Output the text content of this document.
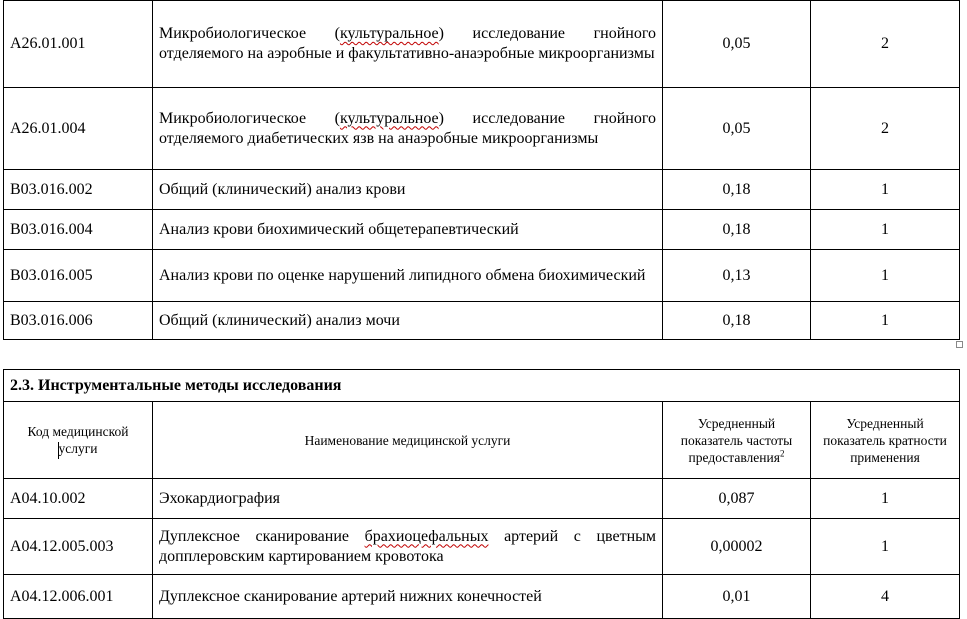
A26.01.001	Микробиологическое (культуральное) исследование гнойного отделяемого на аэробные и факультативно-анаэробные микроорганизмы	0,05	2
A26.01.004	Микробиологическое (культуральное) исследование гнойного отделяемого диабетических язв на анаэробные микроорганизмы	0,05	2
B03.016.002	Общий (клинический) анализ крови	0,18	1
B03.016.004	Анализ крови биохимический общетерапевтический	0,18	1
B03.016.005	Анализ крови по оценке нарушений липидного обмена биохимический	0,13	1
B03.016.006	Общий (клинический) анализ мочи	0,18	1
2.3. Инструментальные методы исследования			
Код медицинской услуги	Наименование медицинской услуги	Усредненный показатель частоты предоставления$^2$	Усредненный показатель кратности применения
A04.10.002	Эхокардиография	0,087	1
A04.12.005.003	Дуплексное сканирование брахиоцефальных артерий с цветным допплеровским картированием кровотока	0,00002	1
A04.12.006.001	Дуплексное сканирование артерий нижних конечностей	0,01	4
